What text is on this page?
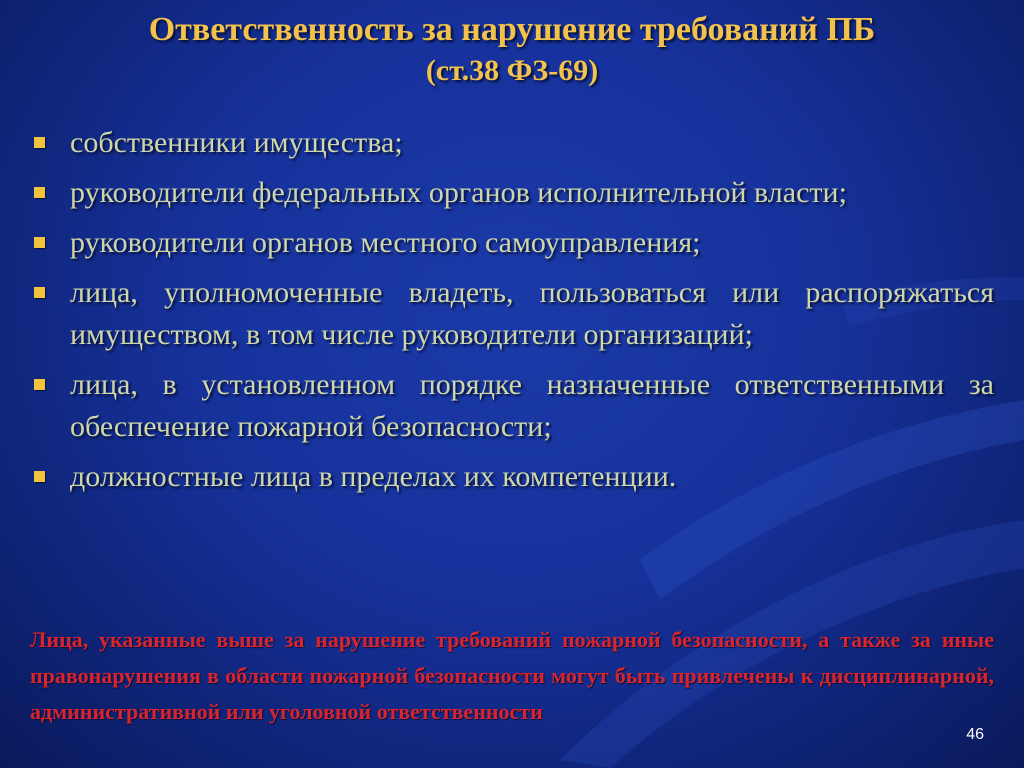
Ответственность за нарушение требований ПБ
(ст.38 ФЗ-69)
собственники имущества;
руководители федеральных органов исполнительной власти;
руководители органов местного самоуправления;
лица, уполномоченные владеть, пользоваться или распоряжаться имуществом, в том числе руководители организаций;
лица, в установленном порядке назначенные ответственными за обеспечение пожарной безопасности;
должностные лица в пределах их компетенции.
Лица, указанные выше за нарушение требований пожарной безопасности, а также за иные правонарушения в области пожарной безопасности могут быть привлечены к дисциплинарной, административной или уголовной ответственности
46
